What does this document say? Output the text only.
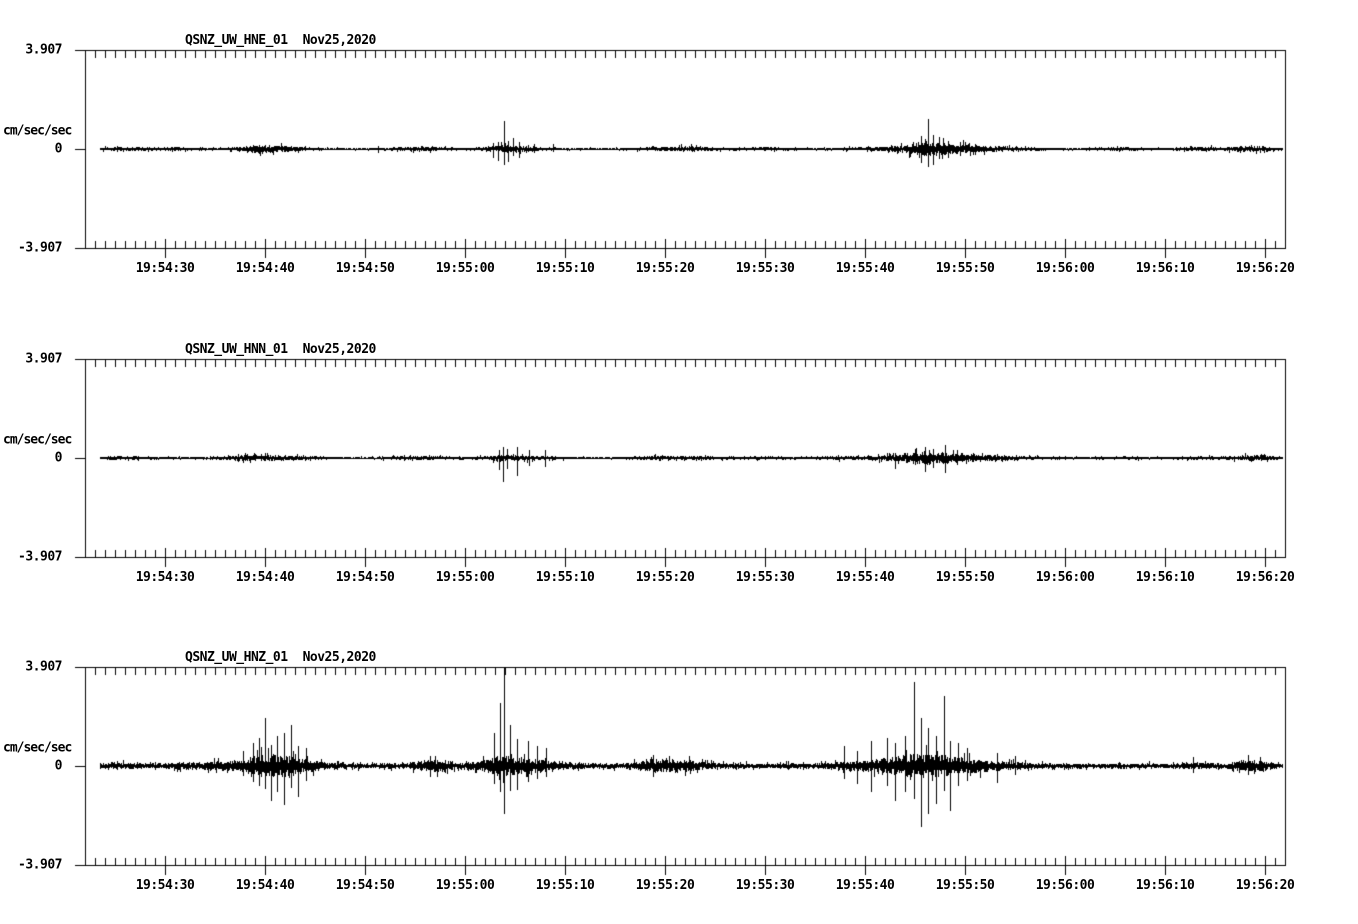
QSNZ_UW_HNE_01 Nov25,2020
3.907
cm/sec/sec
0
-3.907
19:54:30	19:54:40	19:54:50	19:55:00	19:55:10	19:55:20	19:55:30	19:55:40	19:55:50	19:56:00	19:56:10	19:56:20
QSNZ_UW_HNN_01 Nov25,2020
3.907
cm/sec/sec
0
-3.907
19:54:30	19:54:40	19:54:50	19:55:00	19:55:10	19:55:20	19:55:30	19:55:40	19:55:50	19:56:00	19:56:10	19:56:20
QSNZ_UW_HNZ_01 Nov25,2020
3.907
cm/sec/sec
0
-3.907
19:54:30	19:54:40	19:54:50	19:55:00	19:55:10	19:55:20	19:55:30	19:55:40	19:55:50	19:56:00	19:56:10	19:56:20
